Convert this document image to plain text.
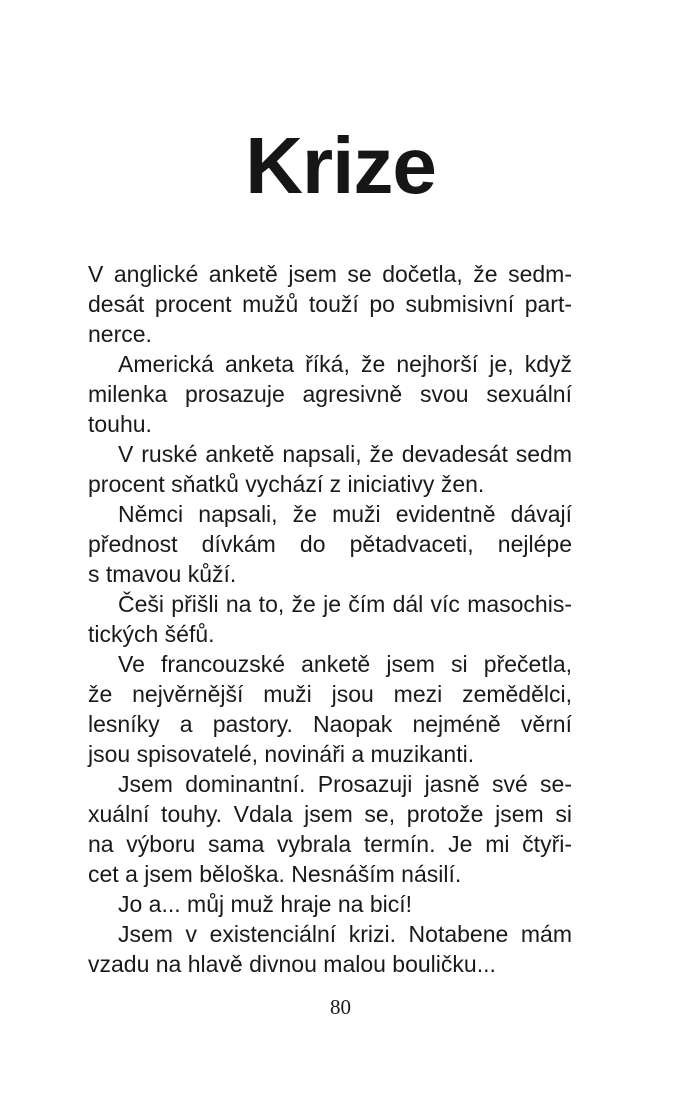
Krize
V anglické anketě jsem se dočetla, že sedm-
desát procent mužů touží po submisivní part-
nerce.
Americká anketa říká, že nejhorší je, když
milenka prosazuje agresivně svou sexuální
touhu.
V ruské anketě napsali, že devadesát sedm
procent sňatků vychází z iniciativy žen.
Němci napsali, že muži evidentně dávají
přednost dívkám do pětadvaceti, nejlépe
s tmavou kůží.
Češi přišli na to, že je čím dál víc masochis-
tických šéfů.
Ve francouzské anketě jsem si přečetla,
že nejvěrnější muži jsou mezi zemědělci,
lesníky a pastory. Naopak nejméně věrní
jsou spisovatelé, novináři a muzikanti.
Jsem dominantní. Prosazuji jasně své se-
xuální touhy. Vdala jsem se, protože jsem si
na výboru sama vybrala termín. Je mi čtyři-
cet a jsem běloška. Nesnáším násilí.
Jo a... můj muž hraje na bicí!
Jsem v existenciální krizi. Notabene mám
vzadu na hlavě divnou malou bouličku...
80
